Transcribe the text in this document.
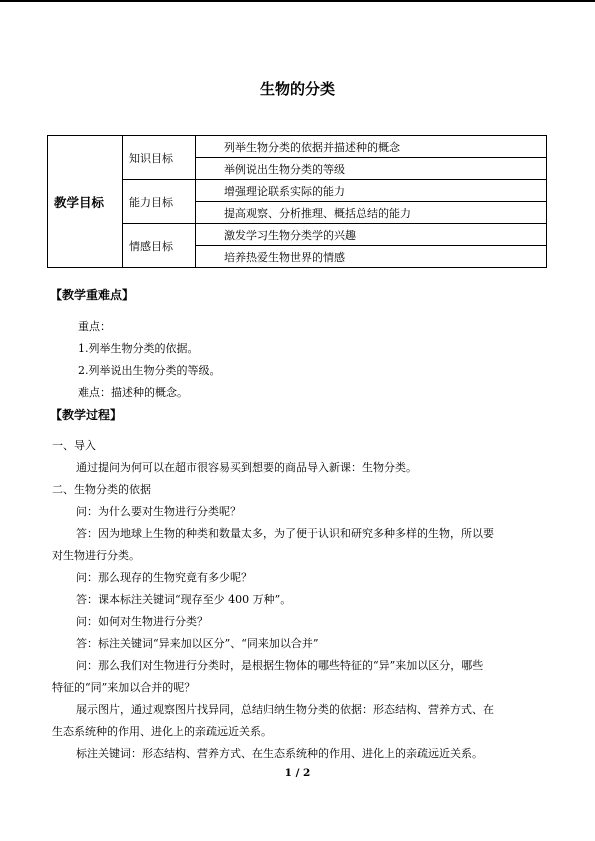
生物的分类
教学目标	知识目标	列举生物分类的依据并描述种的概念
		举例说出生物分类的等级
	能力目标	增强理论联系实际的能力
		提高观察、分析推理、概括总结的能力
	情感目标	激发学习生物分类学的兴趣
		培养热爱生物世界的情感
【教学重难点】
重点：
1.列举生物分类的依据。
2.列举说出生物分类的等级。
难点：描述种的概念。
【教学过程】
一、导入
通过提问为何可以在超市很容易买到想要的商品导入新课：生物分类。
二、生物分类的依据
问：为什么要对生物进行分类呢？
答：因为地球上生物的种类和数量太多，为了便于认识和研究多种多样的生物，所以要
对生物进行分类。
问：那么现存的生物究竟有多少呢？
答：课本标注关键词“现存至少 400 万种”。
问：如何对生物进行分类？
答：标注关键词“异来加以区分”、“同来加以合并”
问：那么我们对生物进行分类时，是根据生物体的哪些特征的“异”来加以区分，哪些
特征的“同”来加以合并的呢？
展示图片，通过观察图片找异同，总结归纳生物分类的依据：形态结构、营养方式、在
生态系统种的作用、进化上的亲疏远近关系。
标注关键词：形态结构、营养方式、在生态系统种的作用、进化上的亲疏远近关系。
1 / 2
